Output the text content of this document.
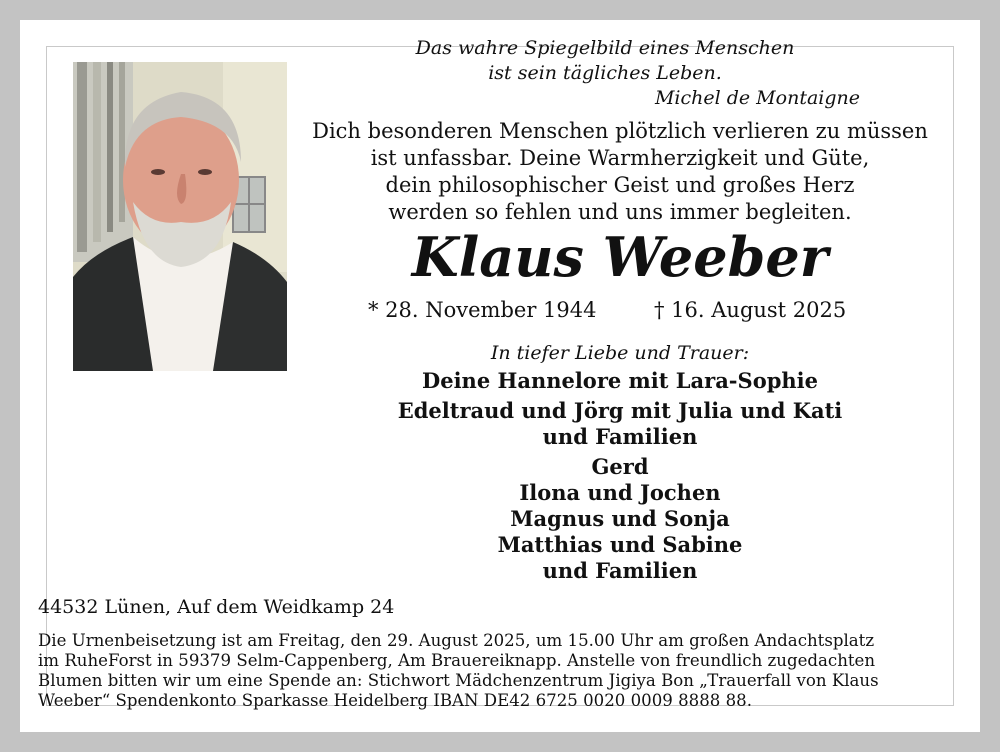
Das wahre Spiegelbild eines Menschen
ist sein tägliches Leben.
Michel de Montaigne
Dich besonderen Menschen plötzlich verlieren zu müssen
ist unfassbar. Deine Warmherzigkeit und Güte,
dein philosophischer Geist und großes Herz
werden so fehlen und uns immer begleiten.
Klaus Weeber
* 28. November 1944	† 16. August 2025
In tiefer Liebe und Trauer:
Deine Hannelore mit Lara-Sophie
Edeltraud und Jörg mit Julia und Kati
und Familien
Gerd
Ilona und Jochen
Magnus und Sonja
Matthias und Sabine
und Familien
44532 Lünen, Auf dem Weidkamp 24
Die Urnenbeisetzung ist am Freitag, den 29. August 2025, um 15.00 Uhr am großen Andachtsplatz
im RuheForst in 59379 Selm-Cappenberg, Am Brauereiknapp. Anstelle von freundlich zugedachten
Blumen bitten wir um eine Spende an: Stichwort Mädchenzentrum Jigiya Bon „Trauerfall von Klaus
Weeber“ Spendenkonto Sparkasse Heidelberg IBAN DE42 6725 0020 0009 8888 88.
